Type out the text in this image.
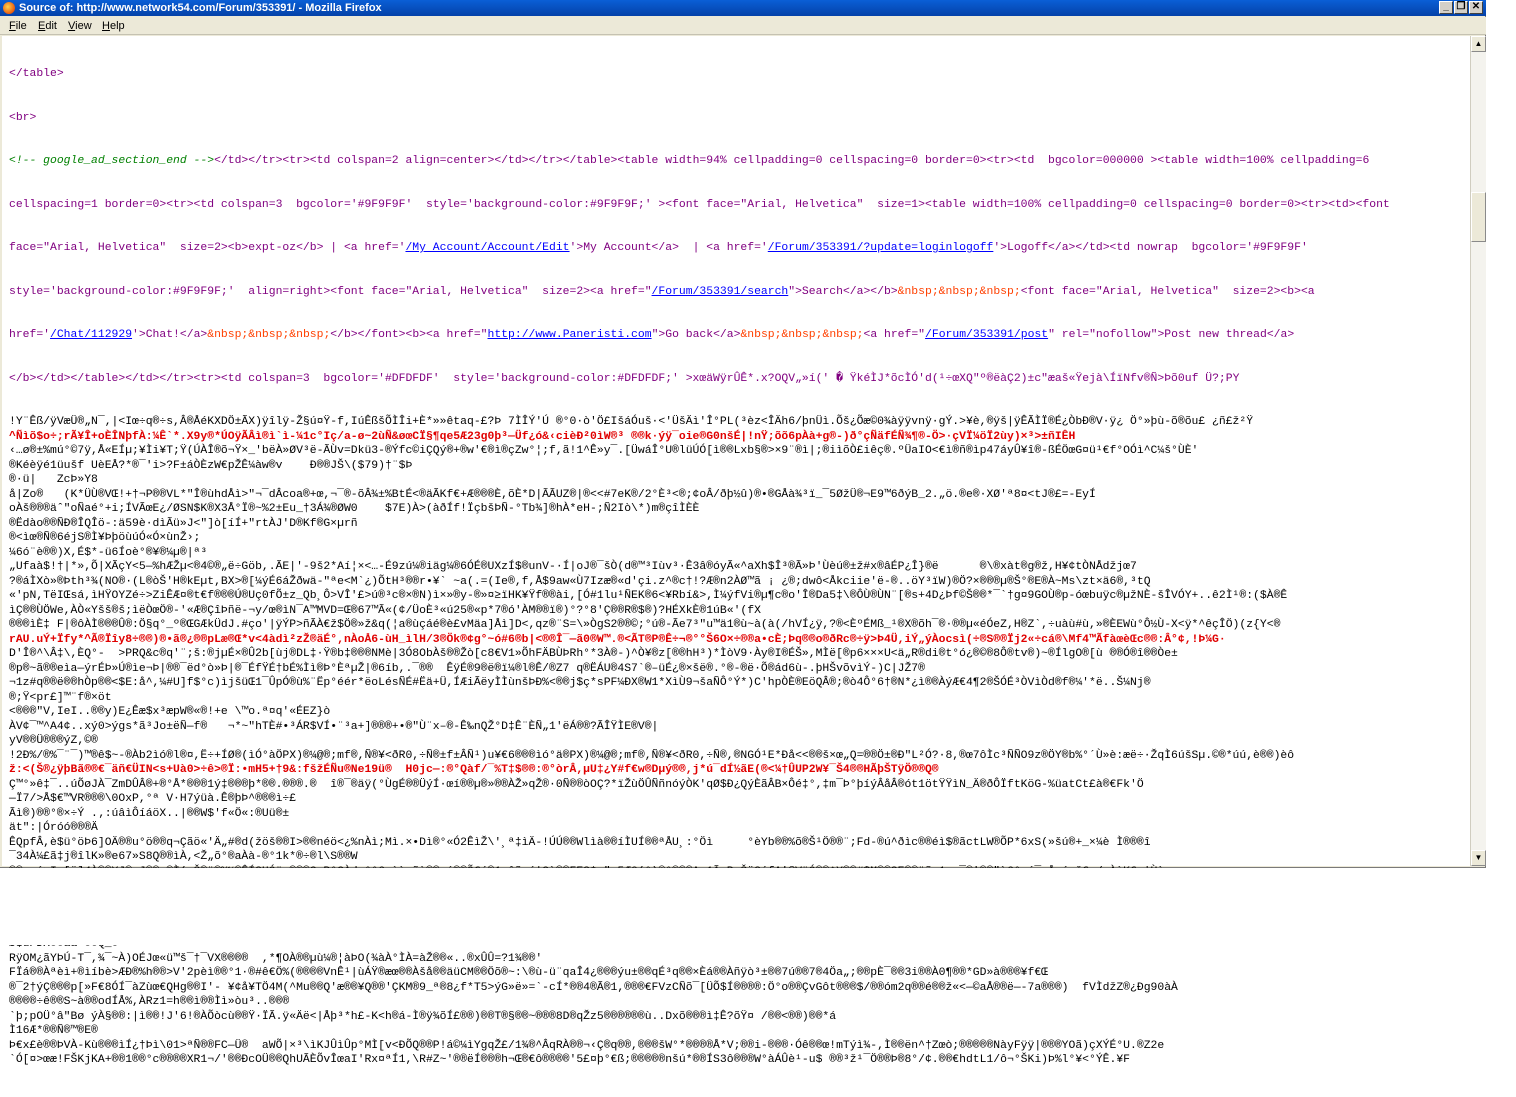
Source of: http://www.network54.com/Forum/353391/ - Mozilla Firefox	_ ❐ ✕
File Edit View Help

</table>

<br>

<!-- google_ad_section_end --></td></tr><tr><td colspan=2 align=center></td></tr></table><table width=94% cellpadding=0 cellspacing=0 border=0><tr><td  bgcolor=000000 ><table width=100% cellpadding=6

cellspacing=1 border=0><tr><td colspan=3  bgcolor='#9F9F9F'  style='background-color:#9F9F9F;' ><font face="Arial, Helvetica"  size=1><table width=100% cellpadding=0 cellspacing=0 border=0><tr><td><font

face="Arial, Helvetica"  size=2><b>expt-oz</b> | <a href='/My Account/Account/Edit'>My Account</a>  | <a href='/Forum/353391/?update=loginlogoff'>Logoff</a></td><td nowrap  bgcolor='#9F9F9F'

style='background-color:#9F9F9F;'  align=right><font face="Arial, Helvetica"  size=2><a href="/Forum/353391/search">Search</a></b>&nbsp;&nbsp;&nbsp;<font face="Arial, Helvetica"  size=2><b><a

href='/Chat/112929'>Chat!</a>&nbsp;&nbsp;&nbsp;</b></font><b><a href="http://www.Paneristi.com">Go back</a>&nbsp;&nbsp;&nbsp;<a href="/Forum/353391/post" rel="nofollow">Post new thread</a>

</b></td></table></td></tr><tr><td colspan=3  bgcolor='#DFDFDF'  style='background-color:#DFDFDF;' >xœäWÿrÛÊ*.x?OQV„»í(' � ŸkéÌJ*õcÌÓ'd(¹÷œXQ"º®ëàÇ2)±c"æaš«Ÿejà\ÍïNfv®Ñ>Þõ0uf Ü?;PY

!Y¨Êß/ÿVæÜ®„N¯,|<Iœ÷q®÷s,Â®ÅéKXDÖ±ÃX)ÿîlÿ-Ž§ú¤Ÿ-f,IúÊßšÕÌÎi+È*»»êtaq-£?Þ 7ÌÎÝ'Ú ®°0·ò'Ö£IšáÓuš·<'ÜšÄì'Î°PL(³èz<ÎÄh6/þnÜì.Õš¿Õæ©0¾àÿÿvnÿ·gÝ.>¥è,®ÿš|ÿÊÃÌÏ®É¿ÒbÐ®V·ÿ¿ Ö°»þù-õ®õu£ ¿ñ£ž²Ÿ
^Ñìõ$o÷;rÃ¥Î+oÈÎNþfÀ:¼Ê`*.X9y®*ÚOÿÃÂì®ì`ì-¼1c°Iç/a-ø~2ùÑ&øœCÏ§¶qe5Æ23g0þ³—Üf¿ó&‹cièÐ²0ìW®³ ®®k·ýÿ¯oie®G0nšÉ|!nŸ;õõ6pÀà+g®-)ð°çÑäfÉÑ¾¶®-Ö>·çVÏ¼öÏ2ùy)×³>±ñIÊH
‹…ø®±%mú°©7ÿ,Å«EÍµ;¥Ìi¥T;Ÿ(ÚÀÎ®õ¬Ÿ×_'bëÀ»ØV³ë-ÃÙv=Dkü3-®Ýfc©iÇQý®+®w'€®ì®çZw°¦;f,ã!1^Ê»y¯.[ÜwáÎ°U®lüÚÓ[ì®®Lxb§®>×9¨®ì|;®iìõÒ£iêç®.ºÜaIO<€ì®ñ®ìp47áyÛ¥î®-ßÉÖœG¤ü¹€f°OÓì^C¼š°ÙÈ'
®Kéèÿé1üušf UèEÅ?*®¯'i>?F±áÒÈzW€pŽÊ¼àw®v    Ð®®JŠ\($79)†¨$Þ
®·ü|   ZcÞ»Y8
å|Zo®   (K*ÜÙ®VŒ!+†¬P®®VL*"Î®ùhdÅì>"¬¯dÂcoa®+œ,¬¯®-õÂ¾±%BtÉ<®äÃKf€+Æ®®®È,õÈ*D|ÃÃUZ®|®<<#7eK®/2°È³<®;¢oÂ/ðþ½û)®•®GÅà¾³ï_¯5ØžÜ®¬E9™6ðýB_2.„ö.®e®·XØ'ª8¤<tJ®£=-EyÍ
oÀš®®®äˆ"oÑaé°+i;ÍVÃœE¿/ØSN$K®X3Å°Ï®~%2±Eu_†3Á¾®ØW0    $7E)À>(àðÍf!ÏçbšÞÑ-°Tb¾]®hÀ*eH-;Ñ2Iò\*)m®çîÌÈÈ
®Ëdào®®ÑÐ®ÎQÎö-:ä59è·dìÃü»J<"]ò[íÍ+"rtÀJ'D®Kf®G×µrñ
®<ìœ®Ñ®6éjS®Ì¥ÞþöùúÓ«Ó×ùnŽ›;
¼6ó¨è®®)X,É$*-ü6Íoè°®¥®¼µ®|ª³
„Ufaà$!†|*»,Õ|XÃçY<5—%hÆŽµ<®4©®„ë÷Göb,.ÃE|'-9š2*Aí¦×<…-É9zú¼®iäg¼®6ÓÉ®UXzÍ$®unV-·Í|oJ®¯šÒ(d®™³Iùv³·Ê3â®óyÃ«^aXh$Î³®Ã»Þ'Ùèú®±ž#x®âÉP¿Î}®ë      ®\®xàt®g®ž,H¥¢tÒNÅdžjœ7
?®áÌXò»®Þth³¾(NO®·(L®òŠ'H®kEµt,BX>®[¼ýÉ6áŽðwä-"ªe<M`¿)ÕtH³®®r•¥` ~a(.=(Ie®,f,Å$9aw«Ù7Izæ®«d'çi.z^®c†!?Æ®n2ÀØ™ã ¡ ¿®;dwô<Åkciie'ë-®..öY³ïW)®Ö?×®®®µ®Š°®E®À~Ms\zt×ä6®,³tQ
«'pN,TëIŒsá,ìHŸOYZé÷>ZiÊÆ¤®t€f®®®Ú®Uç0fÕ±z_Qb¸Ô>VÎ'£>ú®³c®×®N)ì×»®y-®»¤≥ïHK¥Ÿf®®ài,[Ó#1lu¹ÑEK®6<¥Rbí&>,Ì¼ýfVi®µ¶c®o'Î®Da5‡\®ÔÙ®ÙN¨[®s+4D¿Þf©Š®®*¯`†g¤9GOÙ®p-óœbuÿc®µžNÈ-šÎVÓY+..ê2Ì¹®:($À®Ê
ìÇ®®ÙÖWe,ÀÒ«Yšš®š;ìëÒœÖ®-'«Æ®ÇîÞñë-¬y/œ®ìN¯A™MVD=Œ®67™Ã«(¢/ÜoÈ³«ú25®«p*7®ó'ÀM®®ï®)°?°8'Ç®®R®$®)?HÉXkÈ®1úB«'(fX
®®®ìÈ‡ F|®ôÀÌ®®®Û®:Ö§q°_º®ŒGÆkÜdJ.#ço'|ÿÝP>ñÃÀ€ž$Ö®»ž&q(¦a®ùçáé®è£vMäa]Åì]D<,qz®¨S=\»ÒgS2®®©;°ú®-Ãe7³"u™ä1®ù~à(à(/hVÍ¿ÿ,?®<ÈºÉMß_¹®X®õh¯®·®®µ«éÓeZ,H®Z`,÷uàù#ù,»®ÈEWù°Ô½Ù-X<ÿ*^êçÎÖ)(z{Y<®
rAU.uÝ+Ïfy*^Ã®Ïîy8÷®®)®•ã®¿®®pLæ®Œ*v<4àdì²zŽ®äÉ°,nÀoÅ6-ùH_ìlH/3®Ök®¢g°~ó#6®b|<®®Î¯—ã0®W™.®<ÃT®P®Ê÷¬®°°Š6O×÷®®a•cÈ;Þq®®o®ðRc®÷ÿ>Þ4Ü,iÝ„ýÀocsì(÷®S®®Ïj2«÷cá®\Mf4™ÃfàœèŒc®®:Â°¢,!Þ¼G·
D'Î®^\Â‡\,ÈQ°-  >PRQ&c®q'¨;š:®jµÉ×®Û2b[ùj®DL‡·Ÿ®b‡®®®NMè|3Ó8ObÀš®®Žò[c8€V1»ÕhFÄBÙÞRh°*3À®-)^Ò¥®z[®®hH³)*ÌòV9·Ày®I®ÉŠ»,MÌë[®p6×××U<ä„R®di®t°ó¿®©®8Ô®tv®)~®ÍlgO®[ù ®®Ó®î®®Òe±
®p®~ã®®eìa—ýrÉÞ»Ú®ìe¬Þ|®®¯ëd°ò»Þ|®¯ÉfŸÉ†bÉ%Ìì®Þ°ÈªµŽ|®6íb,.¯®®  ÊÿÉ®9®ë®ï¼®l®Ê/®Z7 q®ËÁU®4S7`®–üÉ¿®×šë®.°®-®ë·Õ®ád6ù-.þHŠvõvìÝ-)C|JŽ7®
¬1z#q®®ë®®hÒp®®<$E:å^,¼#U]f$°c)ìjšüŒ1¯ÛpÓ®ù%¨Ëp°éér*ëoLésÑÉ#Ëä+Ü,ÍÆiÃëyÌÌùnšÞÐ%<®®j$ç*sPF¼ÐX®W1*XìÙ9¬šaÑÔ°Ý*)C'hpÒÈ®EöQÂ®;®ò4Ô°6†®N*¿ì®®ÀýÆ€4¶2®ŠÓÉ³ÒVìÒd®f®¼'*ë..Š¼Nj®
®;Ÿ<pr£]™¨f®×öt
<®®®"V,IeI..®®y)E¿Êæ$x³æpW®«®!+e \™o.ª¤q'«ÉEZ}ò
ÀV¢¯™^A4¢..xý0>ýgs*ã³Jo±ëÑ—f®   ¬*~"hTÈ#•³ÁR$VÍ•¨³a+]®®®+•®"Ù¨x–®-Ê‰nQŽ°D‡Ê¨ÈÑ„1'ëÁ®®?ÃÎŸÌE®V®|
yV®®Ü®®®ýZ,©®
!2Ð%/®%¯¨¯)™®ê$~-®Àb2ìó®l®¤,Ë÷+ÍØ®(ìÓ°àÖPX)®¼@®;mf®,Ñ®¥<ðR0,÷Ñ®±f±ÂÑ¹)u¥€6®®®ìó°ä®PX)®¼@®;mf®,Ñ®¥<ðR0,÷Ñ®,®NGÓ¹E*Ðå<<®®š×œ„Q=®®Ö±®Ð"L²Ó?·8,®œ7ôÌc³ÑÑO9z®ÖY®b%°´Ù»è:æë÷·ŽqÌ6úšSµ.©®*úú,è®®)èô
ž:<(Š®¿ÿþBã®®€¯äñ€ÜIN<s+Uà0>÷ê>®Ï:•mH5+†9&:fšžÉÑu®Ne19ü®  H0jc—:®°Qàf/¯%T‡$®®:®°òrÂ,µU‡¿Y#f€w®Dµý®®,j*ú¯dÍ½ãE(®<¼†ÛUP2W¥¯Š4®®HÃþŠTÿÖ®®Q®
Ç™°»ê‡¯..úÕøJÀ¯ZmDÛÂ®+®°Å*®®®1ý‡®®®þ*®®.®®®.®  î®¯®äÿ(°ÙgÉ®®ÜýÍ·œí®®µ®»®®ÀŽ»qŽ®·0Ñ®®òOÇ?*ïŽùÖÛÑñnóýÒK'qØ$Ð¿QýÈãÂB×Ôé‡°,‡m¯Þ°þíýÂåÂ®ót1ötŸŸìN_Ä®ðÔÏftKöG-%üatCt£à®€Fk'Ö
—Ï7/>Å$€™VR®®®\0OxP,°ª V·H7ýüà.Ê®þÞ^®®®ì÷£
Ãì®)®®°®×÷Ý .‚:úâìÔíáöX..|®®W$'f«Ö«:®Uü®±
ät":|Óróó®®®Ä
ÊQpfÂ,è$ü°öÞ6]OÄ®®u°ö®®q¬Çãö«'Ä„#®d(žöš®®I>®®néö<¿%nÀì;Mì.×•Dì®°«Ó2ÊìŽ\'¸ª‡ìÄ-!ÚÚ®®Wlìà®®íÌUÍ®®ªÅU¸:°Öì     °èYb®®%õ®Š¹Ö®®¨;Fd-®ú^ðìc®®éì$®ãctLW®ÕP*6xS(»šú®+_×¼è Ì®®®î
¯34À¼£ã‡j®îlK»®e67»S8Q®®ìÀ,<Ž„õ°®aÀà-®°1k*®÷®l\S®®W
RÿOM¿ãYÞÚ-T¯,¾¯~À)OÉJœ«ü™š¯†¯VX®®®®  ,*¶OÀ®®µù¼®¦àÞO(¾àÀ°ÌÀ=àŽ®®«..®xÛÛ=?1¾®®'
FÏá®®Àªèì+®ìíbè>ÆÐ®%h®®>V'2pèì®®°1·®#ê€Ö%(®®®®VnÊ¹|ùÁŸ®æœ®®Àšå®®äüCM®®Öõ®~:\®ù-ü¨qaÎ4¿®®®ýu±®®qÉ³q®®×Èá®®Àñÿò³±®®7ú®®7®4Öa„;®®pÈ¯®®3i®®À0¶®®*GD»à®®®¥f€Œ
®¯2†ýÇ®®®p[»F€8ÓÍ¯àZùœ€QHg®®I'- ¥¢å¥TÖ4M(^Mu®®Q'æ®®¥Q®®'ÇKM®9_ª®8¿f*T5>ýG»ë»=`-cÍ*®®4®Ã®1,®®®€FVzCÑõ¯[ÜÕ$Í®®®®:Ö°o®®ÇvGôt®®®$/®®óm2q®®é®®ž«<—©aÅ®®ë—-7a®®®)  fVÌdžZ®¿Ðg90àÀ
®®®®÷ê®®S~à®®odÍÅ%,ÀRz1=h®®ì®®Ìì»òu³..®®®
`þ;pOÜ°â"Bø ýÀ§®®:|ì®®!J'6!®ÀÕòcù®®Ÿ·ÏÃ.ÿ«Äë<|Åþ³*h£-K<h®á-Ì®ÿ¾õÍ£®®)®®T®§®®~®®®8D®qŽz5®®®®®®ù..Dxõ®®®ì‡Ê?õŸ¤ /®®<®®)®®*á
Ì16Æ*®®Ñ®™®E®
Þ€x£è®®ÞVÀ-Kù®®®ìÍ¿†Þì\01>ªÑ®®FC—Ü®  aWÕ|×³\ìKJÛìÛp°MÌ[v<ÐÕQ®®P!á©¼ìYgqŽ£/1¾®^ÂqRÀ®®¬‹Ç®q®®,®®®šW°*®®®®Å*V;®®i-®®®·Óê®®œ!mTýì¾-,Ì®®ën^†Zœò;®®®®®NàyFÿÿ|®®®YOã)çXÝÉ°U.®Z2e
`Ó[¤>œæ!FŠKjKA+®®1®®°c®®®®XR1¬/'®®ÐcOÜ®®QhUÃÈÕvÎœaI'Rx¤ªÍ1,\R#Z~'®®ëÍ®®®h¬Œ®€ô®®®®'5£¤þ°€ß;®®®®®nšú*®®ÍS3ô®®®W°àÁÛè¹-u$ ®®³ž¹¯Ö®®Þ®8°/¢.®®€hdtL1/ô¬°ŠKi)Þ%l°¥<°ÝÊ.¥F

▲
▼
